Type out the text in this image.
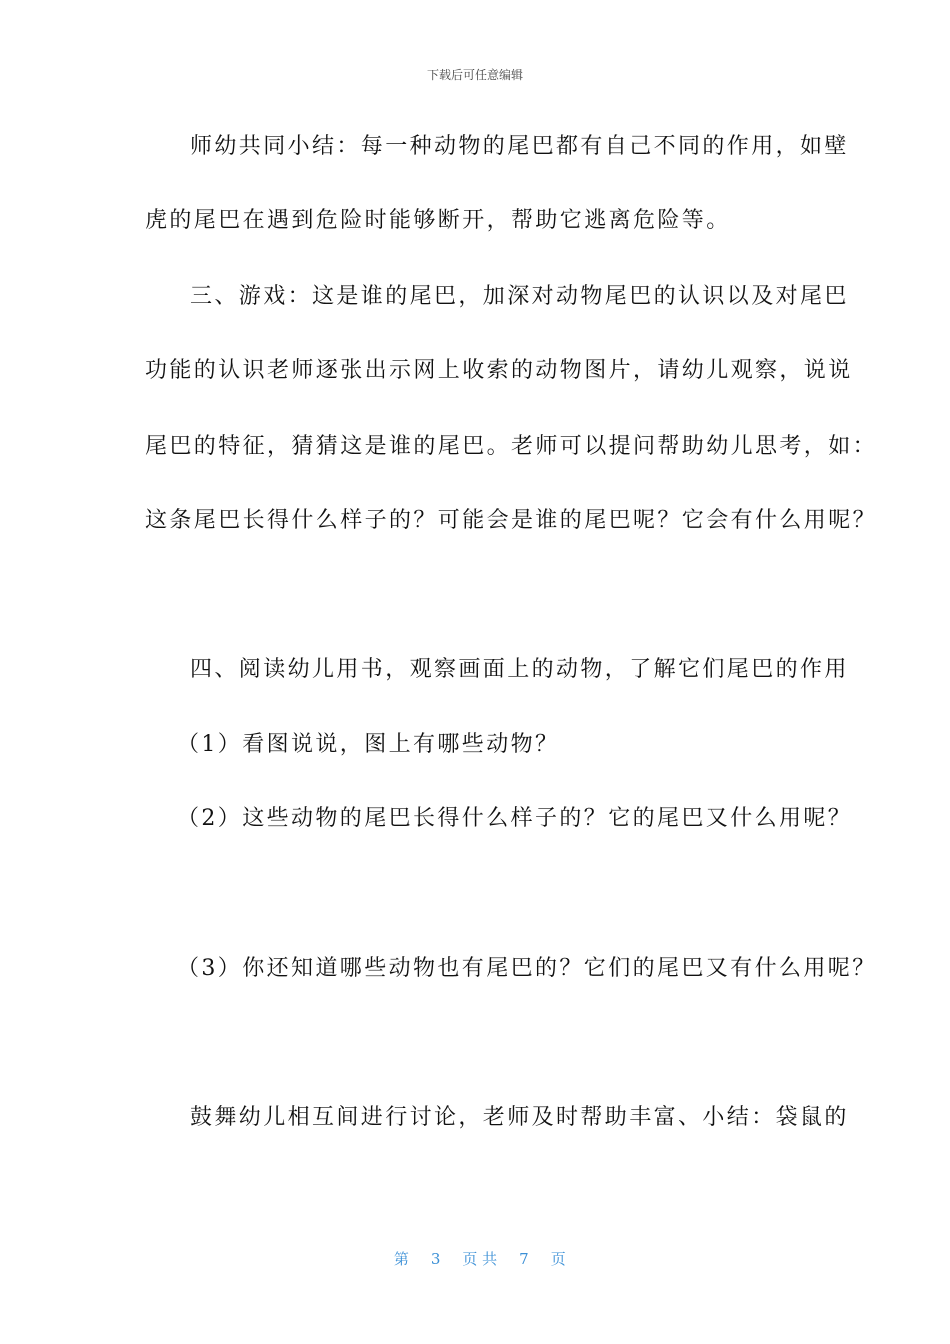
下载后可任意编辑
师幼共同小结：每一种动物的尾巴都有自己不同的作用，如壁
虎的尾巴在遇到危险时能够断开，帮助它逃离危险等。
三、游戏：这是谁的尾巴，加深对动物尾巴的认识以及对尾巴
功能的认识老师逐张出示网上收索的动物图片，请幼儿观察，说说
尾巴的特征，猜猜这是谁的尾巴。老师可以提问帮助幼儿思考，如：
这条尾巴长得什么样子的？可能会是谁的尾巴呢？它会有什么用呢？
四、阅读幼儿用书，观察画面上的动物，了解它们尾巴的作用
（1）看图说说，图上有哪些动物？
（2）这些动物的尾巴长得什么样子的？它的尾巴又什么用呢？
（3）你还知道哪些动物也有尾巴的？它们的尾巴又有什么用呢？
鼓舞幼儿相互间进行讨论，老师及时帮助丰富、小结：袋鼠的

第 3 页 共 7 页
